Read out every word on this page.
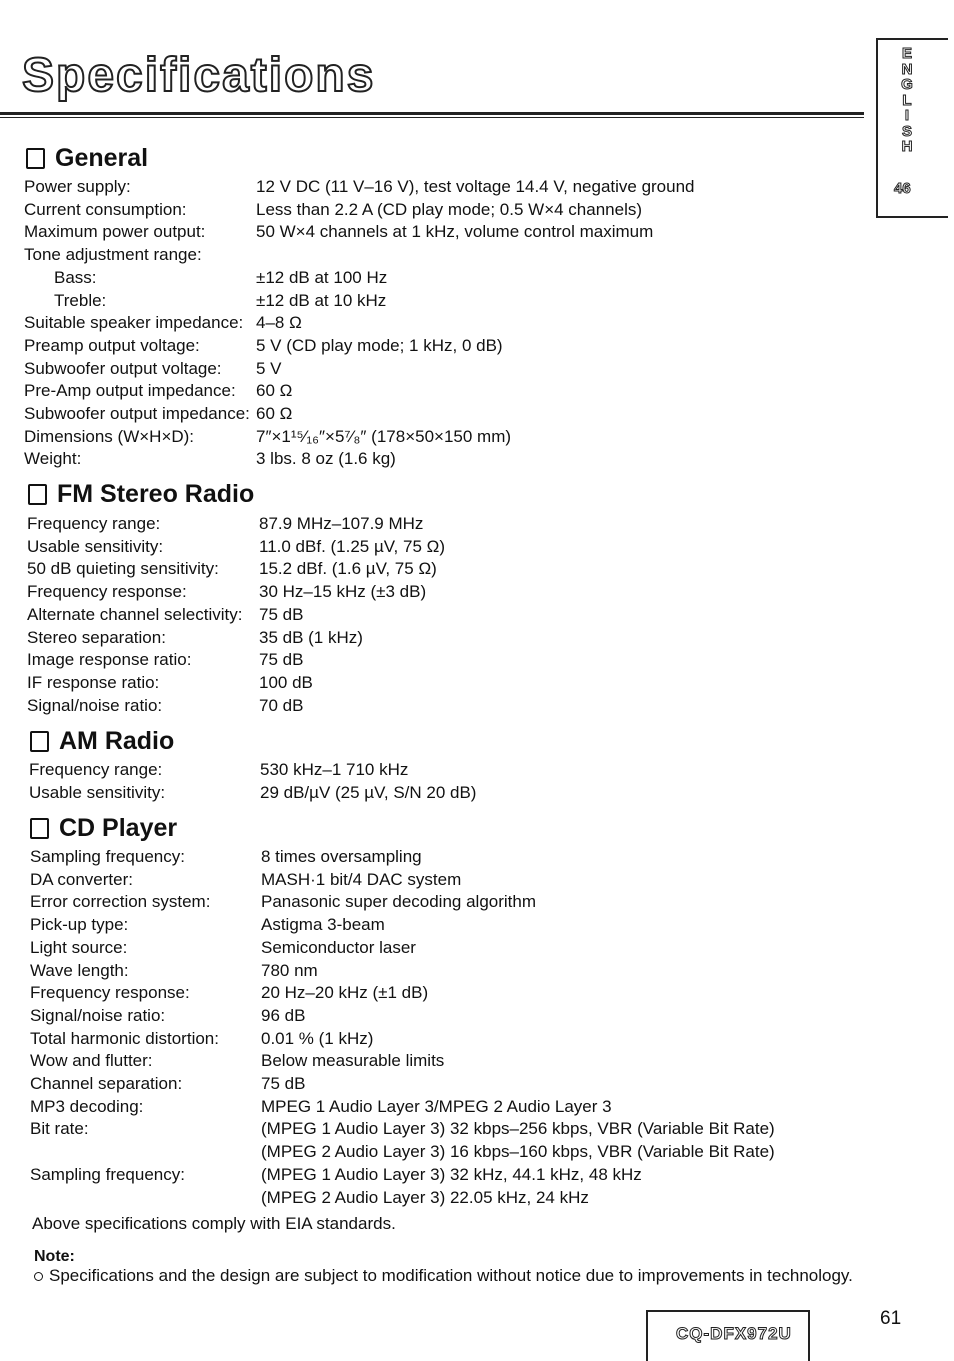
Specifications	E
N
G
L
I
S
H
46
General
Power supply:	12 V DC (11 V–16 V), test voltage 14.4 V, negative ground
Current consumption:	Less than 2.2 A (CD play mode; 0.5 W×4 channels)
Maximum power output:	50 W×4 channels at 1 kHz, volume control maximum
Tone adjustment range:
Bass:	±12 dB at 100 Hz
Treble:	±12 dB at 10 kHz
Suitable speaker impedance: 4–8 Ω
Preamp output voltage:	5 V (CD play mode; 1 kHz, 0 dB)
Subwoofer output voltage: 5 V
Pre-Amp output impedance: 60 Ω
Subwoofer output impedance: 60 Ω
Dimensions (W×H×D):	7″×1¹⁵⁄₁₆″×5⁷⁄₈″ (178×50×150 mm)
Weight:	3 lbs. 8 oz (1.6 kg)
FM Stereo Radio
Frequency range:	87.9 MHz–107.9 MHz
Usable sensitivity:	11.0 dBf. (1.25 µV, 75 Ω)
50 dB quieting sensitivity: 15.2 dBf. (1.6 µV, 75 Ω)
Frequency response:	30 Hz–15 kHz (±3 dB)
Alternate channel selectivity: 75 dB
Stereo separation:	35 dB (1 kHz)
Image response ratio:	75 dB
IF response ratio:	100 dB
Signal/noise ratio:	70 dB
AM Radio
Frequency range:	530 kHz–1 710 kHz
Usable sensitivity:	29 dB/µV (25 µV, S/N 20 dB)
CD Player
Sampling frequency:	8 times oversampling
DA converter:	MASH·1 bit/4 DAC system
Error correction system:	Panasonic super decoding algorithm
Pick-up type:	Astigma 3-beam
Light source:	Semiconductor laser
Wave length:	780 nm
Frequency response:	20 Hz–20 kHz (±1 dB)
Signal/noise ratio:	96 dB
Total harmonic distortion: 0.01 % (1 kHz)
Wow and flutter:	Below measurable limits
Channel separation:	75 dB
MP3 decoding:	MPEG 1 Audio Layer 3/MPEG 2 Audio Layer 3
Bit rate:	(MPEG 1 Audio Layer 3) 32 kbps–256 kbps, VBR (Variable Bit Rate)
(MPEG 2 Audio Layer 3) 16 kbps–160 kbps, VBR (Variable Bit Rate)
Sampling frequency:	(MPEG 1 Audio Layer 3) 32 kHz, 44.1 kHz, 48 kHz
(MPEG 2 Audio Layer 3) 22.05 kHz, 24 kHz
Above specifications comply with EIA standards.
Note:
Specifications and the design are subject to modification without notice due to improvements in technology.
CQ-DFX972U
61
